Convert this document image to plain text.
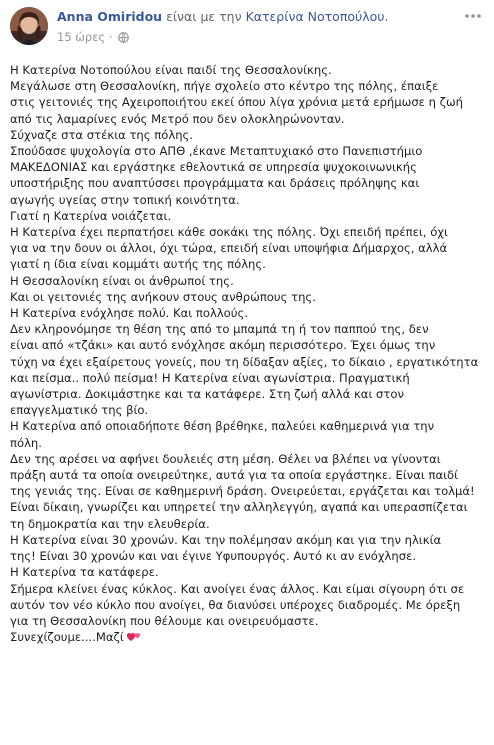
Anna Omiridou είναι με την Κατερίνα Νοτοπούλου.
15 ώρες ·

Η Κατερίνα Νοτοπούλου είναι παιδί της Θεσσαλονίκης.

Μεγάλωσε στη Θεσσαλονίκη, πήγε σχολείο στο κέντρο της πόλης, έπαιξε

στις γειτονιές της Αχειροποιήτου εκεί όπου λίγα χρόνια μετά ερήμωσε η ζωή

από τις λαμαρίνες ενός Μετρό που δεν ολοκληρώνονταν.

Σύχναζε στα στέκια της πόλης.

Σπούδασε ψυχολογία στο ΑΠΘ ,έκανε Μεταπτυχιακό στο Πανεπιστήμιο

ΜΑΚΕΔΟΝΙΑΣ και εργάστηκε εθελοντικά σε υπηρεσία ψυχοκοινωνικής

υποστήριξης που αναπτύσσει προγράμματα και δράσεις πρόληψης και

αγωγής υγείας στην τοπική κοινότητα.

Γιατί η Κατερίνα νοιάζεται.

Η Κατερίνα έχει περπατήσει κάθε σοκάκι της πόλης. Όχι επειδή πρέπει, όχι

για να την δουν οι άλλοι, όχι τώρα, επειδή είναι υποψήφια Δήμαρχος, αλλά

γιατί η ίδια είναι κομμάτι αυτής της πόλης.

Η Θεσσαλονίκη είναι οι άνθρωποί της.

Και οι γειτονιές της ανήκουν στους ανθρώπους της.

Η Κατερίνα ενόχλησε πολύ. Και πολλούς.

Δεν κληρονόμησε τη θέση της από το μπαμπά τη ή τον παππού της, δεν

είναι από «τζάκι» και αυτό ενόχλησε ακόμη περισσότερο. Έχει όμως την

τύχη να έχει εξαίρετους γονείς, που τη δίδαξαν αξίες, το δίκαιο , εργατικότητα

και πείσμα.. πολύ πείσμα! Η Κατερίνα είναι αγωνίστρια. Πραγματική

αγωνίστρια. Δοκιμάστηκε και τα κατάφερε. Στη ζωή αλλά και στον

επαγγελματικό της βίο.

Η Κατερίνα από οποιαδήποτε θέση βρέθηκε, παλεύει καθημερινά για την

πόλη.

Δεν της αρέσει να αφήνει δουλειές στη μέση. Θέλει να βλέπει να γίνονται

πράξη αυτά τα οποία ονειρεύτηκε, αυτά για τα οποία εργάστηκε. Είναι παιδί

της γενιάς της. Είναι σε καθημερινή δράση. Ονειρεύεται, εργάζεται και τολμά!

Είναι δίκαιη, γνωρίζει και υπηρετεί την αλληλεγγύη, αγαπά και υπερασπίζεται

τη δημοκρατία και την ελευθερία.

Η Κατερίνα είναι 30 χρονών. Και την πολέμησαν ακόμη και για την ηλικία

της! Είναι 30 χρονών και ναι έγινε Υφυπουργός. Αυτό κι αν ενόχλησε.

Η Κατερίνα τα κατάφερε.

Σήμερα κλείνει ένας κύκλος. Και ανοίγει ένας άλλος. Και είμαι σίγουρη ότι σε

αυτόν τον νέο κύκλο που ανοίγει, θα διανύσει υπέροχες διαδρομές. Με όρεξη

για τη Θεσσαλονίκη που θέλουμε και ονειρευόμαστε.

Συνεχίζουμε....Μαζί
